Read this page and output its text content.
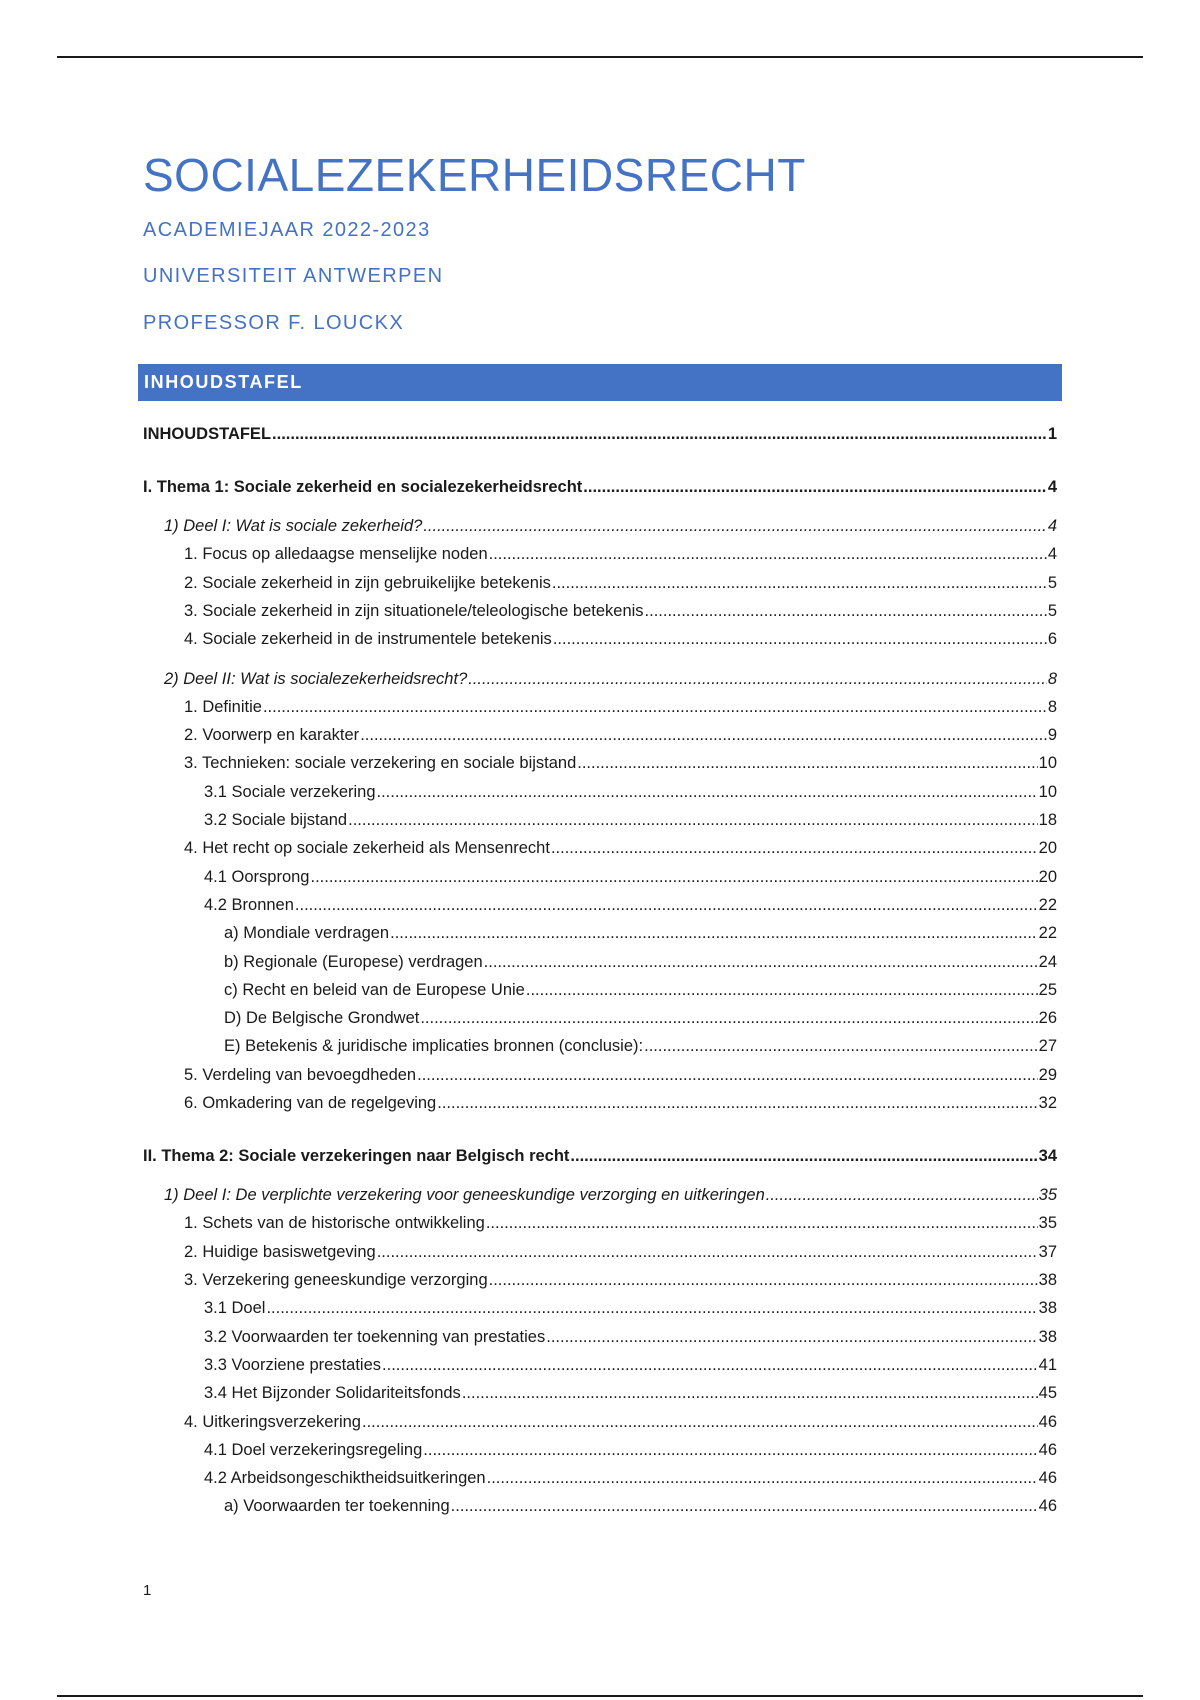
SOCIALEZEKERHEIDSRECHT
ACADEMIEJAAR 2022-2023
UNIVERSITEIT ANTWERPEN
PROFESSOR F. LOUCKX
INHOUDSTAFEL
INHOUDSTAFEL .....	1
I. Thema 1: Sociale zekerheid en socialezekerheidsrecht .....	4
1) Deel I: Wat is sociale zekerheid? .....	4
1. Focus op alledaagse menselijke noden .....	4
2. Sociale zekerheid in zijn gebruikelijke betekenis .....	5
3. Sociale zekerheid in zijn situationele/teleologische betekenis .....	5
4. Sociale zekerheid in de instrumentele betekenis .....	6
2) Deel II: Wat is socialezekerheidsrecht? .....	8
1. Definitie .....	8
2. Voorwerp en karakter .....	9
3. Technieken: sociale verzekering en sociale bijstand .....	10
3.1 Sociale verzekering .....	10
3.2 Sociale bijstand .....	18
4. Het recht op sociale zekerheid als Mensenrecht .....	20
4.1 Oorsprong .....	20
4.2 Bronnen .....	22
a) Mondiale verdragen .....	22
b) Regionale (Europese) verdragen .....	24
c) Recht en beleid van de Europese Unie .....	25
D) De Belgische Grondwet .....	26
E) Betekenis & juridische implicaties bronnen (conclusie): .....	27
5. Verdeling van bevoegdheden .....	29
6. Omkadering van de regelgeving .....	32
II. Thema 2: Sociale verzekeringen naar Belgisch recht .....	34
1) Deel I: De verplichte verzekering voor geneeskundige verzorging en uitkeringen .....	35
1. Schets van de historische ontwikkeling .....	35
2. Huidige basiswetgeving .....	37
3. Verzekering geneeskundige verzorging .....	38
3.1 Doel .....	38
3.2 Voorwaarden ter toekenning van prestaties .....	38
3.3 Voorziene prestaties .....	41
3.4 Het Bijzonder Solidariteitsfonds .....	45
4. Uitkeringsverzekering .....	46
4.1 Doel verzekeringsregeling .....	46
4.2 Arbeidsongeschiktheidsuitkeringen .....	46
a) Voorwaarden ter toekenning .....	46
1
